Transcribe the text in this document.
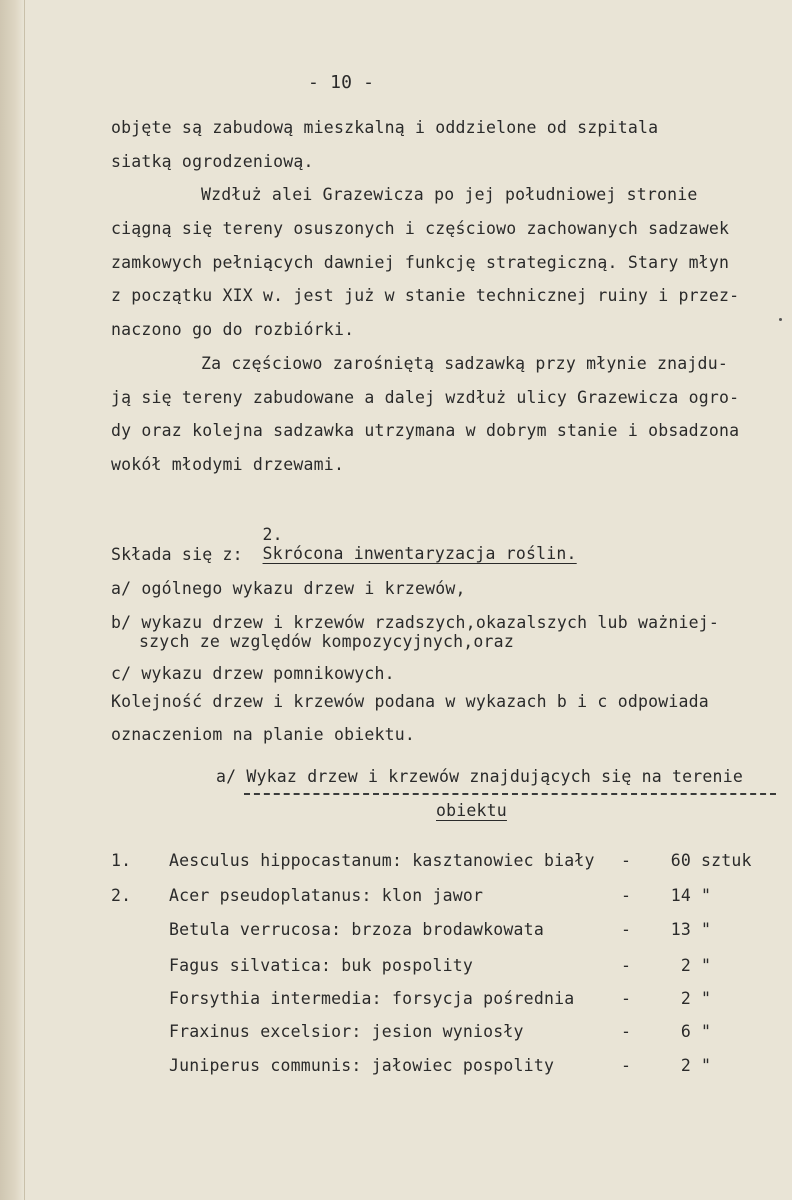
- 10 -
objęte są zabudową mieszkalną i oddzielone od szpitala
siatką ogrodzeniową.
Wzdłuż alei Grazewicza po jej południowej stronie
ciągną się tereny osuszonych i częściowo zachowanych sadzawek
zamkowych pełniących dawniej funkcję strategiczną. Stary młyn
z początku XIX w. jest już w stanie technicznej ruiny i przez-
naczono go do rozbiórki.
Za częściowo zarośniętą sadzawką przy młynie znajdu-
ją się tereny zabudowane a dalej wzdłuż ulicy Grazewicza ogro-
dy oraz kolejna sadzawka utrzymana w dobrym stanie i obsadzona
wokół młodymi drzewami.

2.
Skrócona inwentaryzacja roślin.

Składa się z:
a/ ogólnego wykazu drzew i krzewów,
b/ wykazu drzew i krzewów rzadszych,okazalszych lub ważniej-
szych ze względów kompozycyjnych,oraz
c/ wykazu drzew pomnikowych.
Kolejność drzew i krzewów podana w wykazach b i c odpowiada
oznaczeniom na planie obiektu.
a/ Wykaz drzew i krzewów znajdujących się na terenie
obiektu
1. Aesculus hippocastanum: kasztanowiec biały -	60 sztuk
2. Acer pseudoplatanus: klon jawor	-	14 "
Betula verrucosa: brzoza brodawkowata	-	13 "
Fagus silvatica: buk pospolity	-	2 "
Forsythia intermedia: forsycja pośrednia	-	2 "
Fraxinus excelsior: jesion wyniosły	-	6 "
Juniperus communis: jałowiec pospolity	-	2 "
